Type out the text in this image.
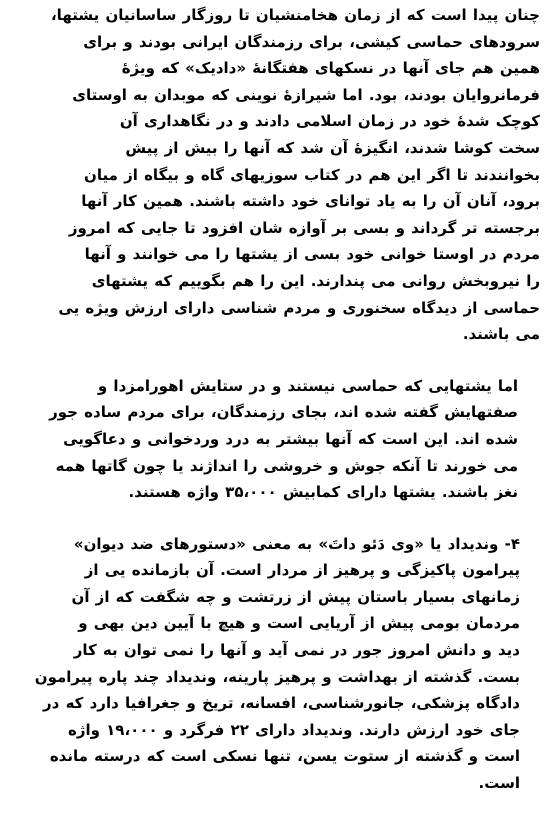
چنان پیدا است که از زمان هخامنشیان تا روزگار ساسانیان یشتها،
سرودهای حماسی کیشی، برای رزمندگان ایرانی بودند و برای
همین هم جای آنها در نسکهای هفتگانهٔ «دادیک» که ویژهٔ
فرمانروایان بودند، بود. اما شیرازهٔ نوینی که موبدان به اوستای
کوچک شدهٔ خود در زمان اسلامی دادند و در نگاهداری آن
سخت کوشا شدند، انگیزهٔ آن شد که آنها را بیش از پیش
بخوانندند تا اگر این هم در کتاب سوزیهای گاه و بیگاه از میان
برود، آنان آن را به یاد توانای خود داشته باشند. همین کار آنها
برجسته تر گرداند و بسی بر آوازه شان افزود تا جایی که امروز
مردم در اوستا خوانی خود بسی از یشتها را می خوانند و آنها
را نیروبخش روانی می پندارند. این را هم بگوییم که یشتهای
حماسی از دیدگاه سخنوری و مردم شناسی دارای ارزش ویژه یی
می باشند.
اما یشتهایی که حماسی نیستند و در ستایش اهورامزدا و
صفتهایش گفته شده اند، بجای رزمندگان، برای مردم ساده جور
شده اند. این است که آنها بیشتر به درد وردخوانی و دعاگویی
می خورند تا آنکه جوش و خروشی را انداژند یا چون گاتها همه
نغز باشند. یشتها دارای کمابیش ۳۵،۰۰۰ واژه هستند.
۴- وندیداد یا «وی دَئو داتَ» به معنی «دستورهای ضد دیوان»
پیرامون پاکیزگی و پرهیز از مردار است. آن بازمانده یی از
زمانهای بسیار باستان پیش از زرتشت و چه شگفت که از آن
مردمان بومی پیش از آریایی است و هیچ با آیین دین بهی و
دید و دانش امروز جور در نمی آید و آنها را نمی توان به کار
بست. گذشته از بهداشت و پرهیز پارینه، وندیداد چند پاره پیرامون
دادگاه پزشکی، جانورشناسی، افسانه، تریخ و جغرافیا دارد که در
جای خود ارزش دارند. وندیداد دارای ۲۲ فرگرد و ۱۹،۰۰۰ واژه
است و گذشته از ستوت یسن، تنها نسکی است که درسته مانده
است.
